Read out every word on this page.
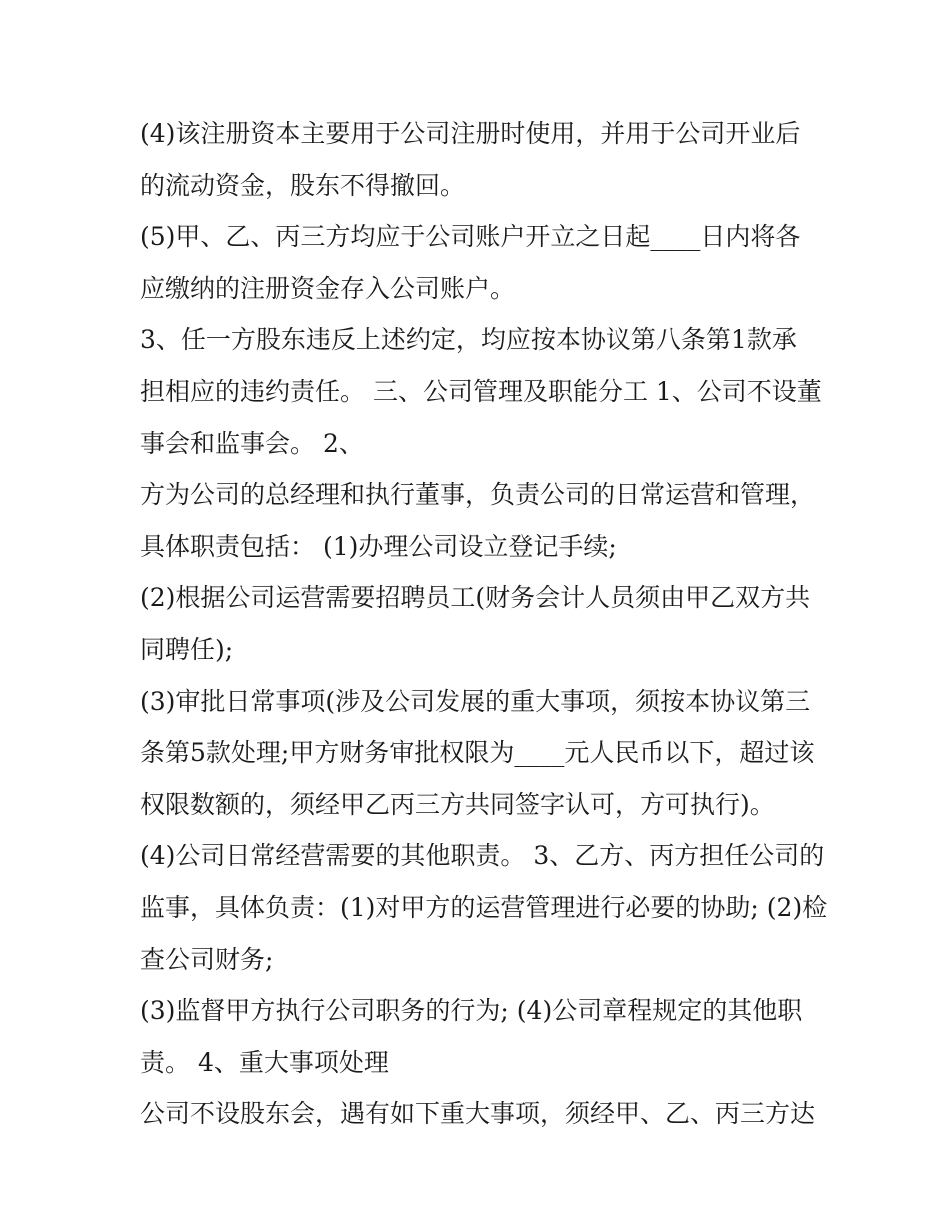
(4)该注册资本主要用于公司注册时使用，并用于公司开业后
的流动资金，股东不得撤回。
(5)甲、乙、丙三方均应于公司账户开立之日起____日内将各
应缴纳的注册资金存入公司账户。
3、任一方股东违反上述约定，均应按本协议第八条第1款承
担相应的违约责任。 三、公司管理及职能分工 1、公司不设董
事会和监事会。 2、
方为公司的总经理和执行董事，负责公司的日常运营和管理，
具体职责包括： (1)办理公司设立登记手续;
(2)根据公司运营需要招聘员工(财务会计人员须由甲乙双方共
同聘任);
(3)审批日常事项(涉及公司发展的重大事项，须按本协议第三
条第5款处理;甲方财务审批权限为____元人民币以下，超过该
权限数额的，须经甲乙丙三方共同签字认可，方可执行)。
(4)公司日常经营需要的其他职责。 3、乙方、丙方担任公司的
监事，具体负责：(1)对甲方的运营管理进行必要的协助; (2)检
查公司财务;
(3)监督甲方执行公司职务的行为; (4)公司章程规定的其他职
责。 4、重大事项处理
公司不设股东会，遇有如下重大事项，须经甲、乙、丙三方达
